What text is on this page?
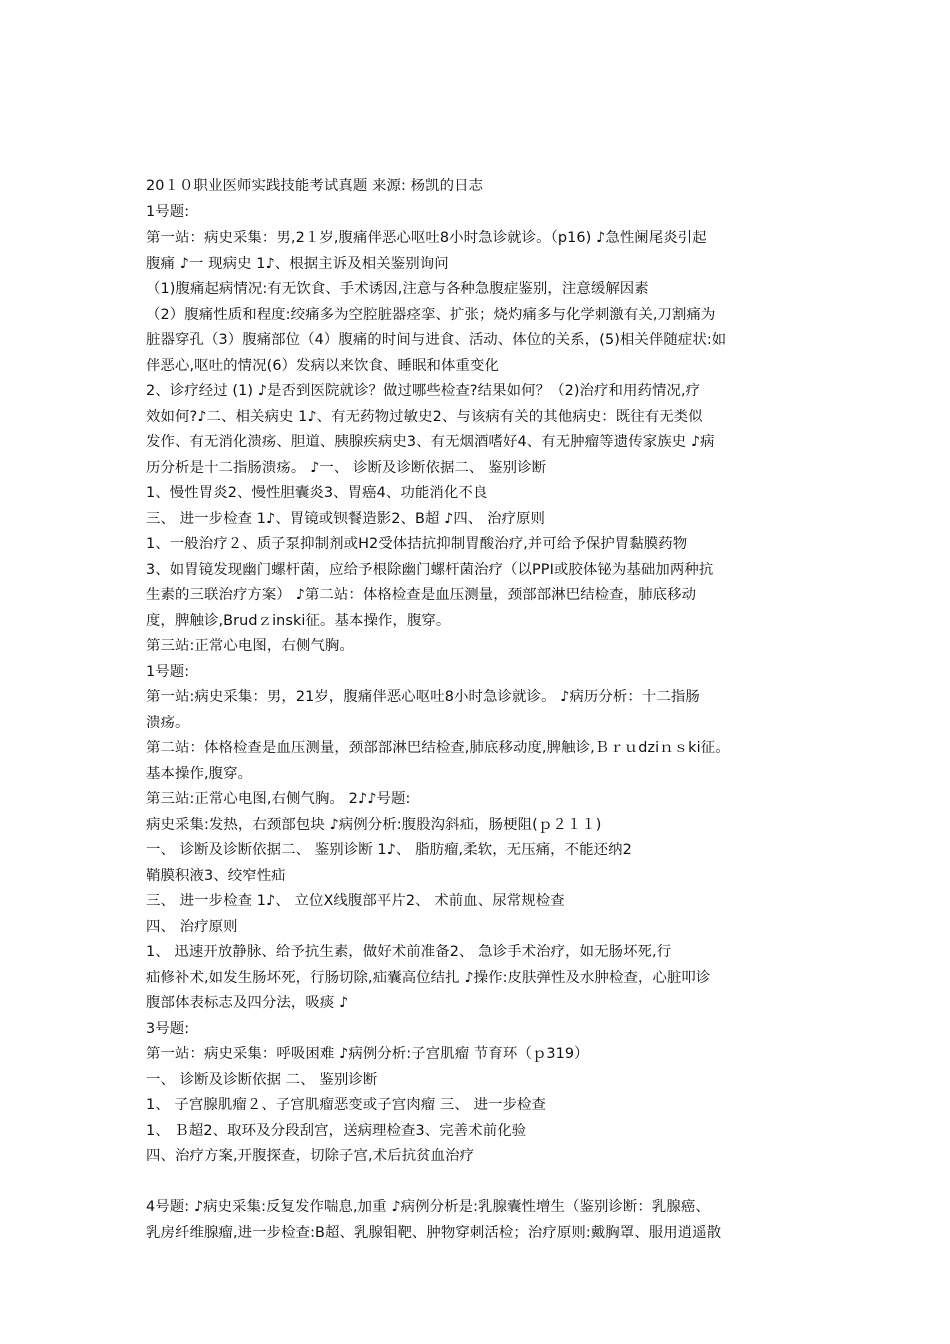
20１０职业医师实践技能考试真题 来源: 杨凯的日志
1号题:
第一站：病史采集：男,2１岁,腹痛伴恶心呕吐8小时急诊就诊。（p16) ♪急性阑尾炎引起
腹痛 ♪一 现病史 1♪、根据主诉及相关鉴别询问
（1)腹痛起病情况:有无饮食、手术诱因,注意与各种急腹症鉴别，注意缓解因素
（2）腹痛性质和程度:绞痛多为空腔脏器痉挛、扩张；烧灼痛多与化学刺激有关,刀割痛为
脏器穿孔（3）腹痛部位（4）腹痛的时间与进食、活动、体位的关系，(5)相关伴随症状:如
伴恶心,呕吐的情况(6）发病以来饮食、睡眠和体重变化
2、诊疗经过 (1) ♪是否到医院就诊？做过哪些检查?结果如何？（2)治疗和用药情况,疗
效如何?♪二、相关病史 1♪、有无药物过敏史2、与该病有关的其他病史：既往有无类似
发作、有无消化溃疡、胆道、胰腺疾病史3、有无烟酒嗜好4、有无肿瘤等遗传家族史 ♪病
历分析是十二指肠溃疡。 ♪一、 诊断及诊断依据二、 鉴别诊断
1、慢性胃炎2、慢性胆囊炎3、胃癌4、功能消化不良
三、 进一步检查 1♪、胃镜或钡餐造影2、B超 ♪四、 治疗原则
1、一般治疗２、质子泵抑制剂或H2受体拮抗抑制胃酸治疗,并可给予保护胃黏膜药物
3、如胃镜发现幽门螺杆菌，应给予根除幽门螺杆菌治疗（以PPI或胶体铋为基础加两种抗
生素的三联治疗方案） ♪第二站：体格检查是血压测量，颈部部淋巴结检查，肺底移动
度，脾触诊,Brudｚinski征。基本操作，腹穿。
第三站:正常心电图，右侧气胸。
1号题:
第一站:病史采集：男，21岁，腹痛伴恶心呕吐8小时急诊就诊。 ♪病历分析：十二指肠
溃疡。
第二站：体格检查是血压测量，颈部部淋巴结检查,肺底移动度,脾触诊,Ｂｒｕdziｎｓki征。
基本操作,腹穿。
第三站:正常心电图,右侧气胸。 2♪♪号题:
病史采集:发热，右颈部包块 ♪病例分析:腹股沟斜疝，肠梗阻(ｐ２１１)
一、 诊断及诊断依据二、 鉴别诊断 1♪、 脂肪瘤,柔软，无压痛，不能还纳2
鞘膜积液3、绞窄性疝
三、 进一步检查 1♪、 立位X线腹部平片2、 术前血、尿常规检查
四、 治疗原则
1、 迅速开放静脉、给予抗生素，做好术前准备2、 急诊手术治疗，如无肠坏死,行
疝修补术,如发生肠坏死，行肠切除,疝囊高位结扎 ♪操作:皮肤弹性及水肿检查，心脏叩诊
腹部体表标志及四分法，吸痰 ♪
3号题:
第一站：病史采集：呼吸困难 ♪病例分析:子宫肌瘤 节育环（ｐ319）
一、 诊断及诊断依据 二、 鉴别诊断
1、 子宫腺肌瘤２、子宫肌瘤恶变或子宫肉瘤 三、 进一步检查
1、 Ｂ超2、取环及分段刮宫，送病理检查3、完善术前化验
四、治疗方案,开腹探查，切除子宫,术后抗贫血治疗
4号题: ♪病史采集:反复发作喘息,加重 ♪病例分析是:乳腺囊性增生（鉴别诊断：乳腺癌、
乳房纤维腺瘤,进一步检查:B超、乳腺钼靶、肿物穿刺活检；治疗原则:戴胸罩、服用逍遥散
